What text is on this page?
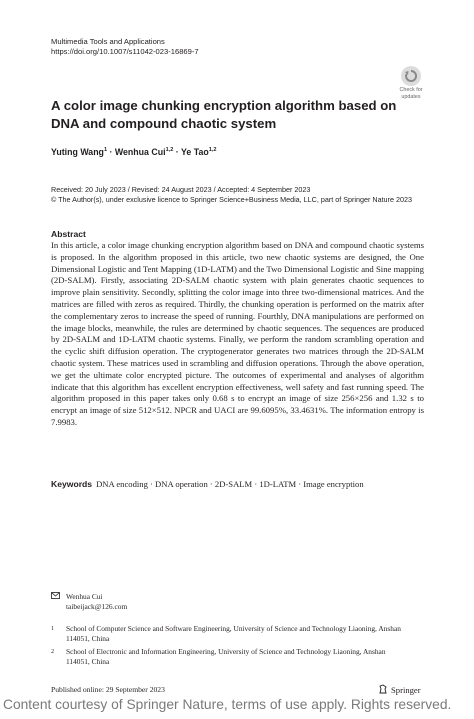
Multimedia Tools and Applications
https://doi.org/10.1007/s11042-023-16869-7
Check for
updates
A color image chunking encryption algorithm based on DNA and compound chaotic system
Yuting Wang$^1$ · Wenhua Cui$^{1,2}$ · Ye Tao$^{1,2}$
Received: 20 July 2023 / Revised: 24 August 2023 / Accepted: 4 September 2023
© The Author(s), under exclusive licence to Springer Science+Business Media, LLC, part of Springer Nature 2023
Abstract
In this article, a color image chunking encryption algorithm based on DNA and compound chaotic systems is proposed. In the algorithm proposed in this article, two new chaotic systems are designed, the One Dimensional Logistic and Tent Mapping (1D-LATM) and the Two Dimensional Logistic and Sine mapping (2D-SALM). Firstly, associating 2D-SALM chaotic system with plain generates chaotic sequences to improve plain sensitivity. Secondly, splitting the color image into three two-dimensional matrices. And the matrices are filled with zeros as required. Thirdly, the chunking operation is performed on the matrix after the complementary zeros to increase the speed of running. Fourthly, DNA manipulations are performed on the image blocks, meanwhile, the rules are determined by chaotic sequences. The sequences are produced by 2D-SALM and 1D-LATM chaotic systems. Finally, we perform the random scrambling operation and the cyclic shift diffusion operation. The cryptogenerator generates two matrices through the 2D-SALM chaotic system. These matrices used in scrambling and diffusion operations. Through the above operation, we get the ultimate color encrypted picture. The outcomes of experimental and analyses of algorithm indicate that this algorithm has excellent encryption effectiveness, well safety and fast running speed. The algorithm proposed in this paper takes only 0.68 s to encrypt an image of size 256×256 and 1.32 s to encrypt an image of size 512×512. NPCR and UACI are 99.6095%, 33.4631%. The information entropy is 7.9983.
Keywords DNA encoding · DNA operation · 2D-SALM · 1D-LATM · Image encryption
Wenhua Cui
taibeijack@126.com
1 School of Computer Science and Software Engineering, University of Science and Technology Liaoning, Anshan 114051, China
2 School of Electronic and Information Engineering, University of Science and Technology Liaoning, Anshan 114051, China
Published online: 29 September 2023	Springer
Content courtesy of Springer Nature, terms of use apply. Rights reserved.
